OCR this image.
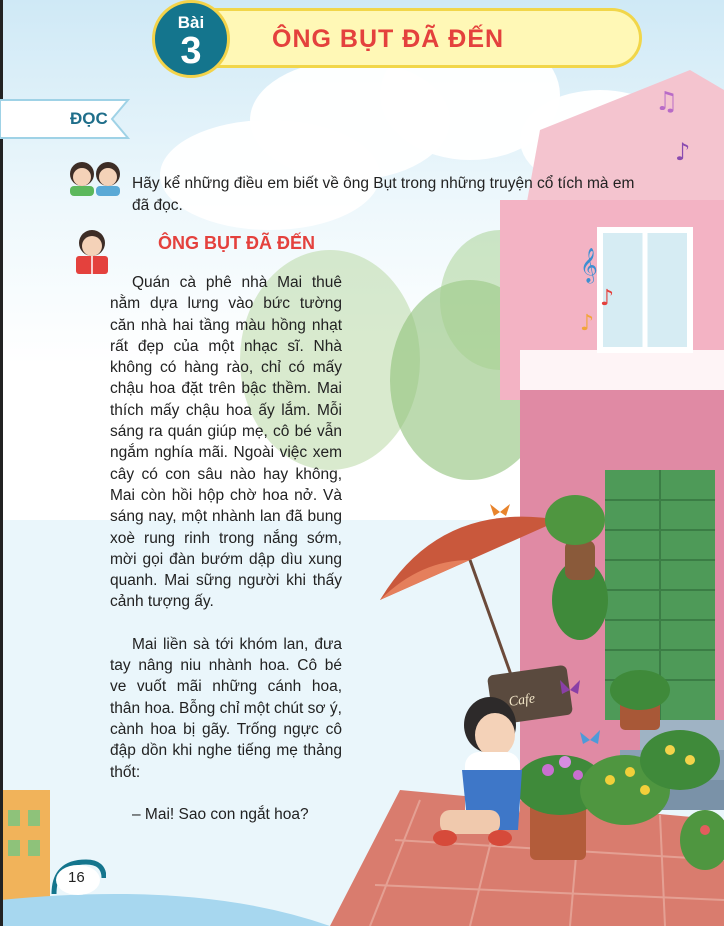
♫
𝄞
♪
♪
♪
Cafe
ÔNG BỤT ĐÃ ĐẾN
Bài
3
ĐỌC
Hãy kể những điều em biết về ông Bụt trong những truyện cổ tích mà em đã đọc.
ÔNG BỤT ĐÃ ĐẾN

Quán cà phê nhà Mai thuê nằm dựa lưng vào bức tường căn nhà hai tầng màu hồng nhạt rất đẹp của một nhạc sĩ. Nhà không có hàng rào, chỉ có mấy chậu hoa đặt trên bậc thềm. Mai thích mấy chậu hoa ấy lắm. Mỗi sáng ra quán giúp mẹ, cô bé vẫn ngắm nghía mãi. Ngoài việc xem cây có con sâu nào hay không, Mai còn hồi hộp chờ hoa nở. Và sáng nay, một nhành lan đã bung xoè rung rinh trong nắng sớm, mời gọi đàn bướm dập dìu xung quanh. Mai sững người khi thấy cảnh tượng ấy.

Mai liền sà tới khóm lan, đưa tay nâng niu nhành hoa. Cô bé ve vuốt mãi những cánh hoa, thân hoa. Bỗng chỉ một chút sơ ý, cành hoa bị gãy. Trống ngực cô đập dồn khi nghe tiếng mẹ thảng thốt:

– Mai! Sao con ngắt hoa?

16
